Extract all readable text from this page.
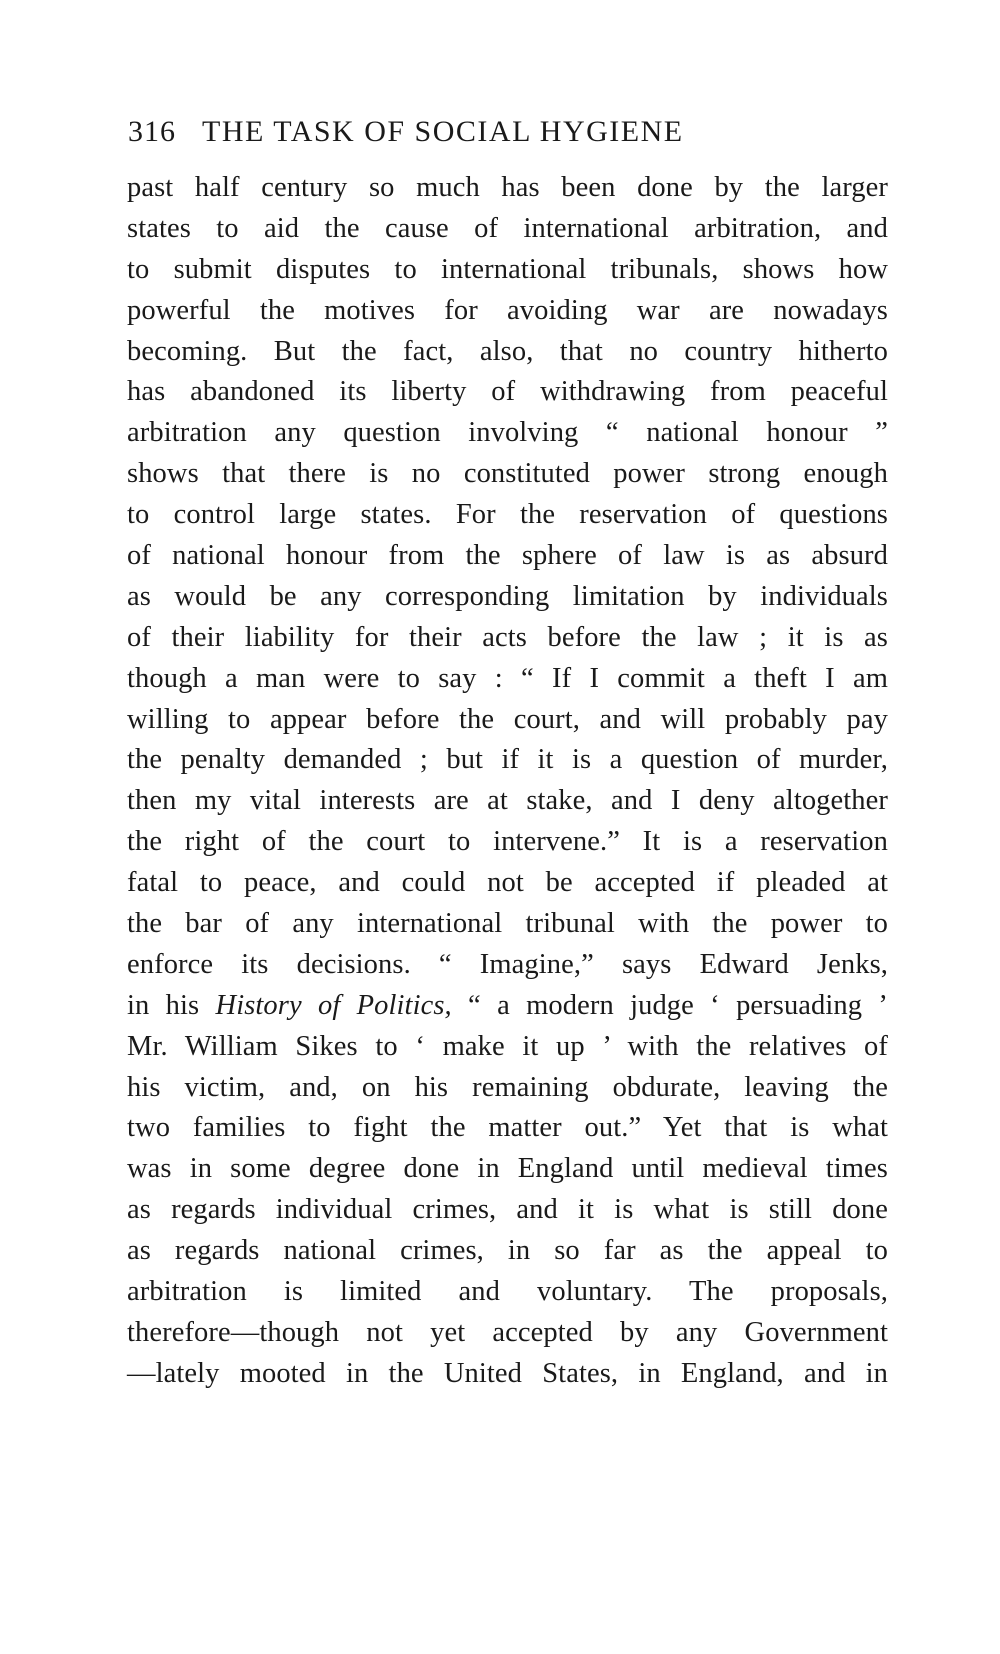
316 THE TASK OF SOCIAL HYGIENE
past half century so much has been done by the larger
states to aid the cause of international arbitration, and
to submit disputes to international tribunals, shows how
powerful the motives for avoiding war are nowadays
becoming. But the fact, also, that no country hitherto
has abandoned its liberty of withdrawing from peaceful
arbitration any question involving “ national honour ”
shows that there is no constituted power strong enough
to control large states. For the reservation of questions
of national honour from the sphere of law is as absurd
as would be any corresponding limitation by individuals
of their liability for their acts before the law ; it is as
though a man were to say : “ If I commit a theft I am
willing to appear before the court, and will probably pay
the penalty demanded ; but if it is a question of murder,
then my vital interests are at stake, and I deny altogether
the right of the court to intervene.” It is a reservation
fatal to peace, and could not be accepted if pleaded at
the bar of any international tribunal with the power to
enforce its decisions. “ Imagine,” says Edward Jenks,
in his History of Politics, “ a modern judge ‘ persuading ’
Mr. William Sikes to ‘ make it up ’ with the relatives of
his victim, and, on his remaining obdurate, leaving the
two families to fight the matter out.” Yet that is what
was in some degree done in England until medieval times
as regards individual crimes, and it is what is still done
as regards national crimes, in so far as the appeal to
arbitration is limited and voluntary. The proposals,
therefore—though not yet accepted by any Government
—lately mooted in the United States, in England, and in
